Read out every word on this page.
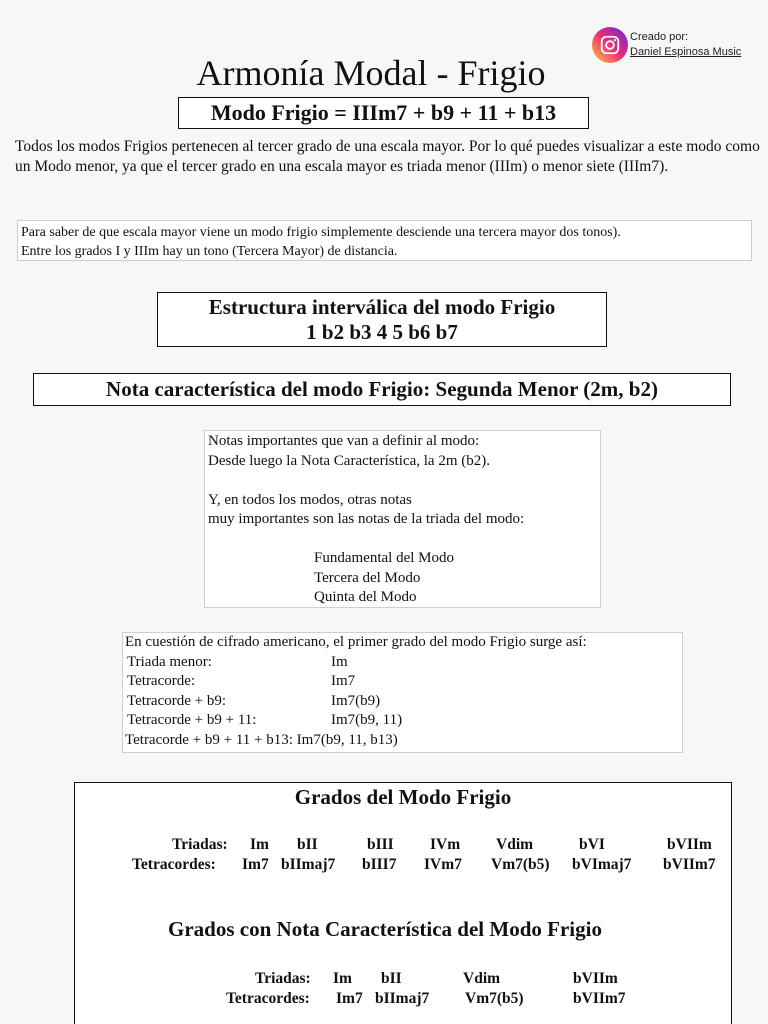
Creado por:
Daniel Espinosa Music
Armonía Modal - Frigio
Modo Frigio = IIIm7 + b9 + 11 + b13
Todos los modos Frigios pertenecen al tercer grado de una escala mayor. Por lo qué puedes visualizar a este modo como un Modo menor, ya que el tercer grado en una escala mayor es triada menor (IIIm) o menor siete (IIIm7).
Para saber de que escala mayor viene un modo frigio simplemente desciende una tercera mayor dos tonos).
Entre los grados I y IIIm hay un tono (Tercera Mayor) de distancia.
Estructura interválica del modo Frigio
1 b2 b3 4 5 b6 b7
Nota característica del modo Frigio: Segunda Menor (2m, b2)
Notas importantes que van a definir al modo:
Desde luego la Nota Característica, la 2m (b2).
Y, en todos los modos, otras notas
muy importantes son las notas de la triada del modo:
Fundamental del Modo
Tercera del Modo
Quinta del Modo
En cuestión de cifrado americano, el primer grado del modo Frigio surge así:
Triada menor:	Im
Tetracorde:	Im7
Tetracorde + b9:	Im7(b9)
Tetracorde + b9 + 11:	Im7(b9, 11)
Tetracorde + b9 + 11 + b13: Im7(b9, 11, b13)
Grados del Modo Frigio
Triadas: Im bII	bIII IVm Vdim	bVI	bVIIm
Tetracordes: Im7 bIImaj7 bIII7 IVm7 Vm7(b5) bVImaj7 bVIIm7
Grados con Nota Característica del Modo Frigio
Triadas: Im bII	Vdim	bVIIm
Tetracordes: Im7 bIImaj7 Vm7(b5)	bVIIm7
